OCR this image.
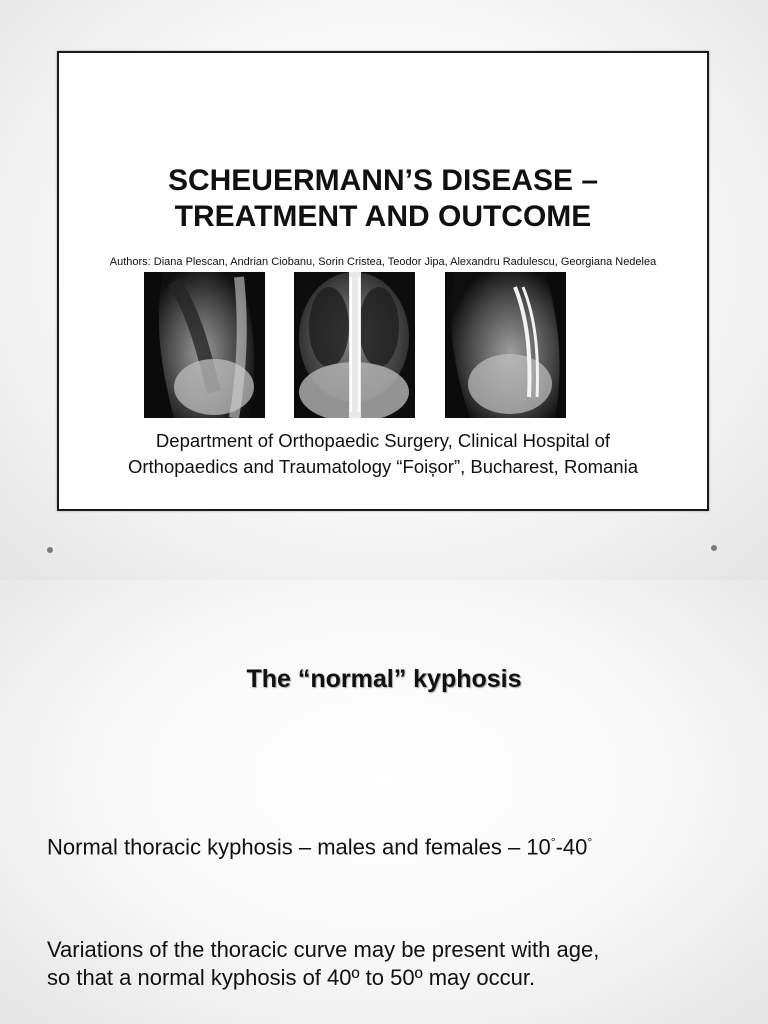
SCHEUERMANN’S DISEASE –
TREATMENT AND OUTCOME

Authors: Diana Plescan, Andrian Ciobanu, Sorin Cristea, Teodor Jipa, Alexandru Radulescu, Georgiana Nedelea

Department of Orthopaedic Surgery, Clinical Hospital of
Orthopaedics and Traumatology “Foișor”, Bucharest, Romania

The “normal” kyphosis

Normal thoracic kyphosis – males and females – 10°-40°

Variations of the thoracic curve may be present with age,
so that a normal kyphosis of 40º to 50º may occur.
